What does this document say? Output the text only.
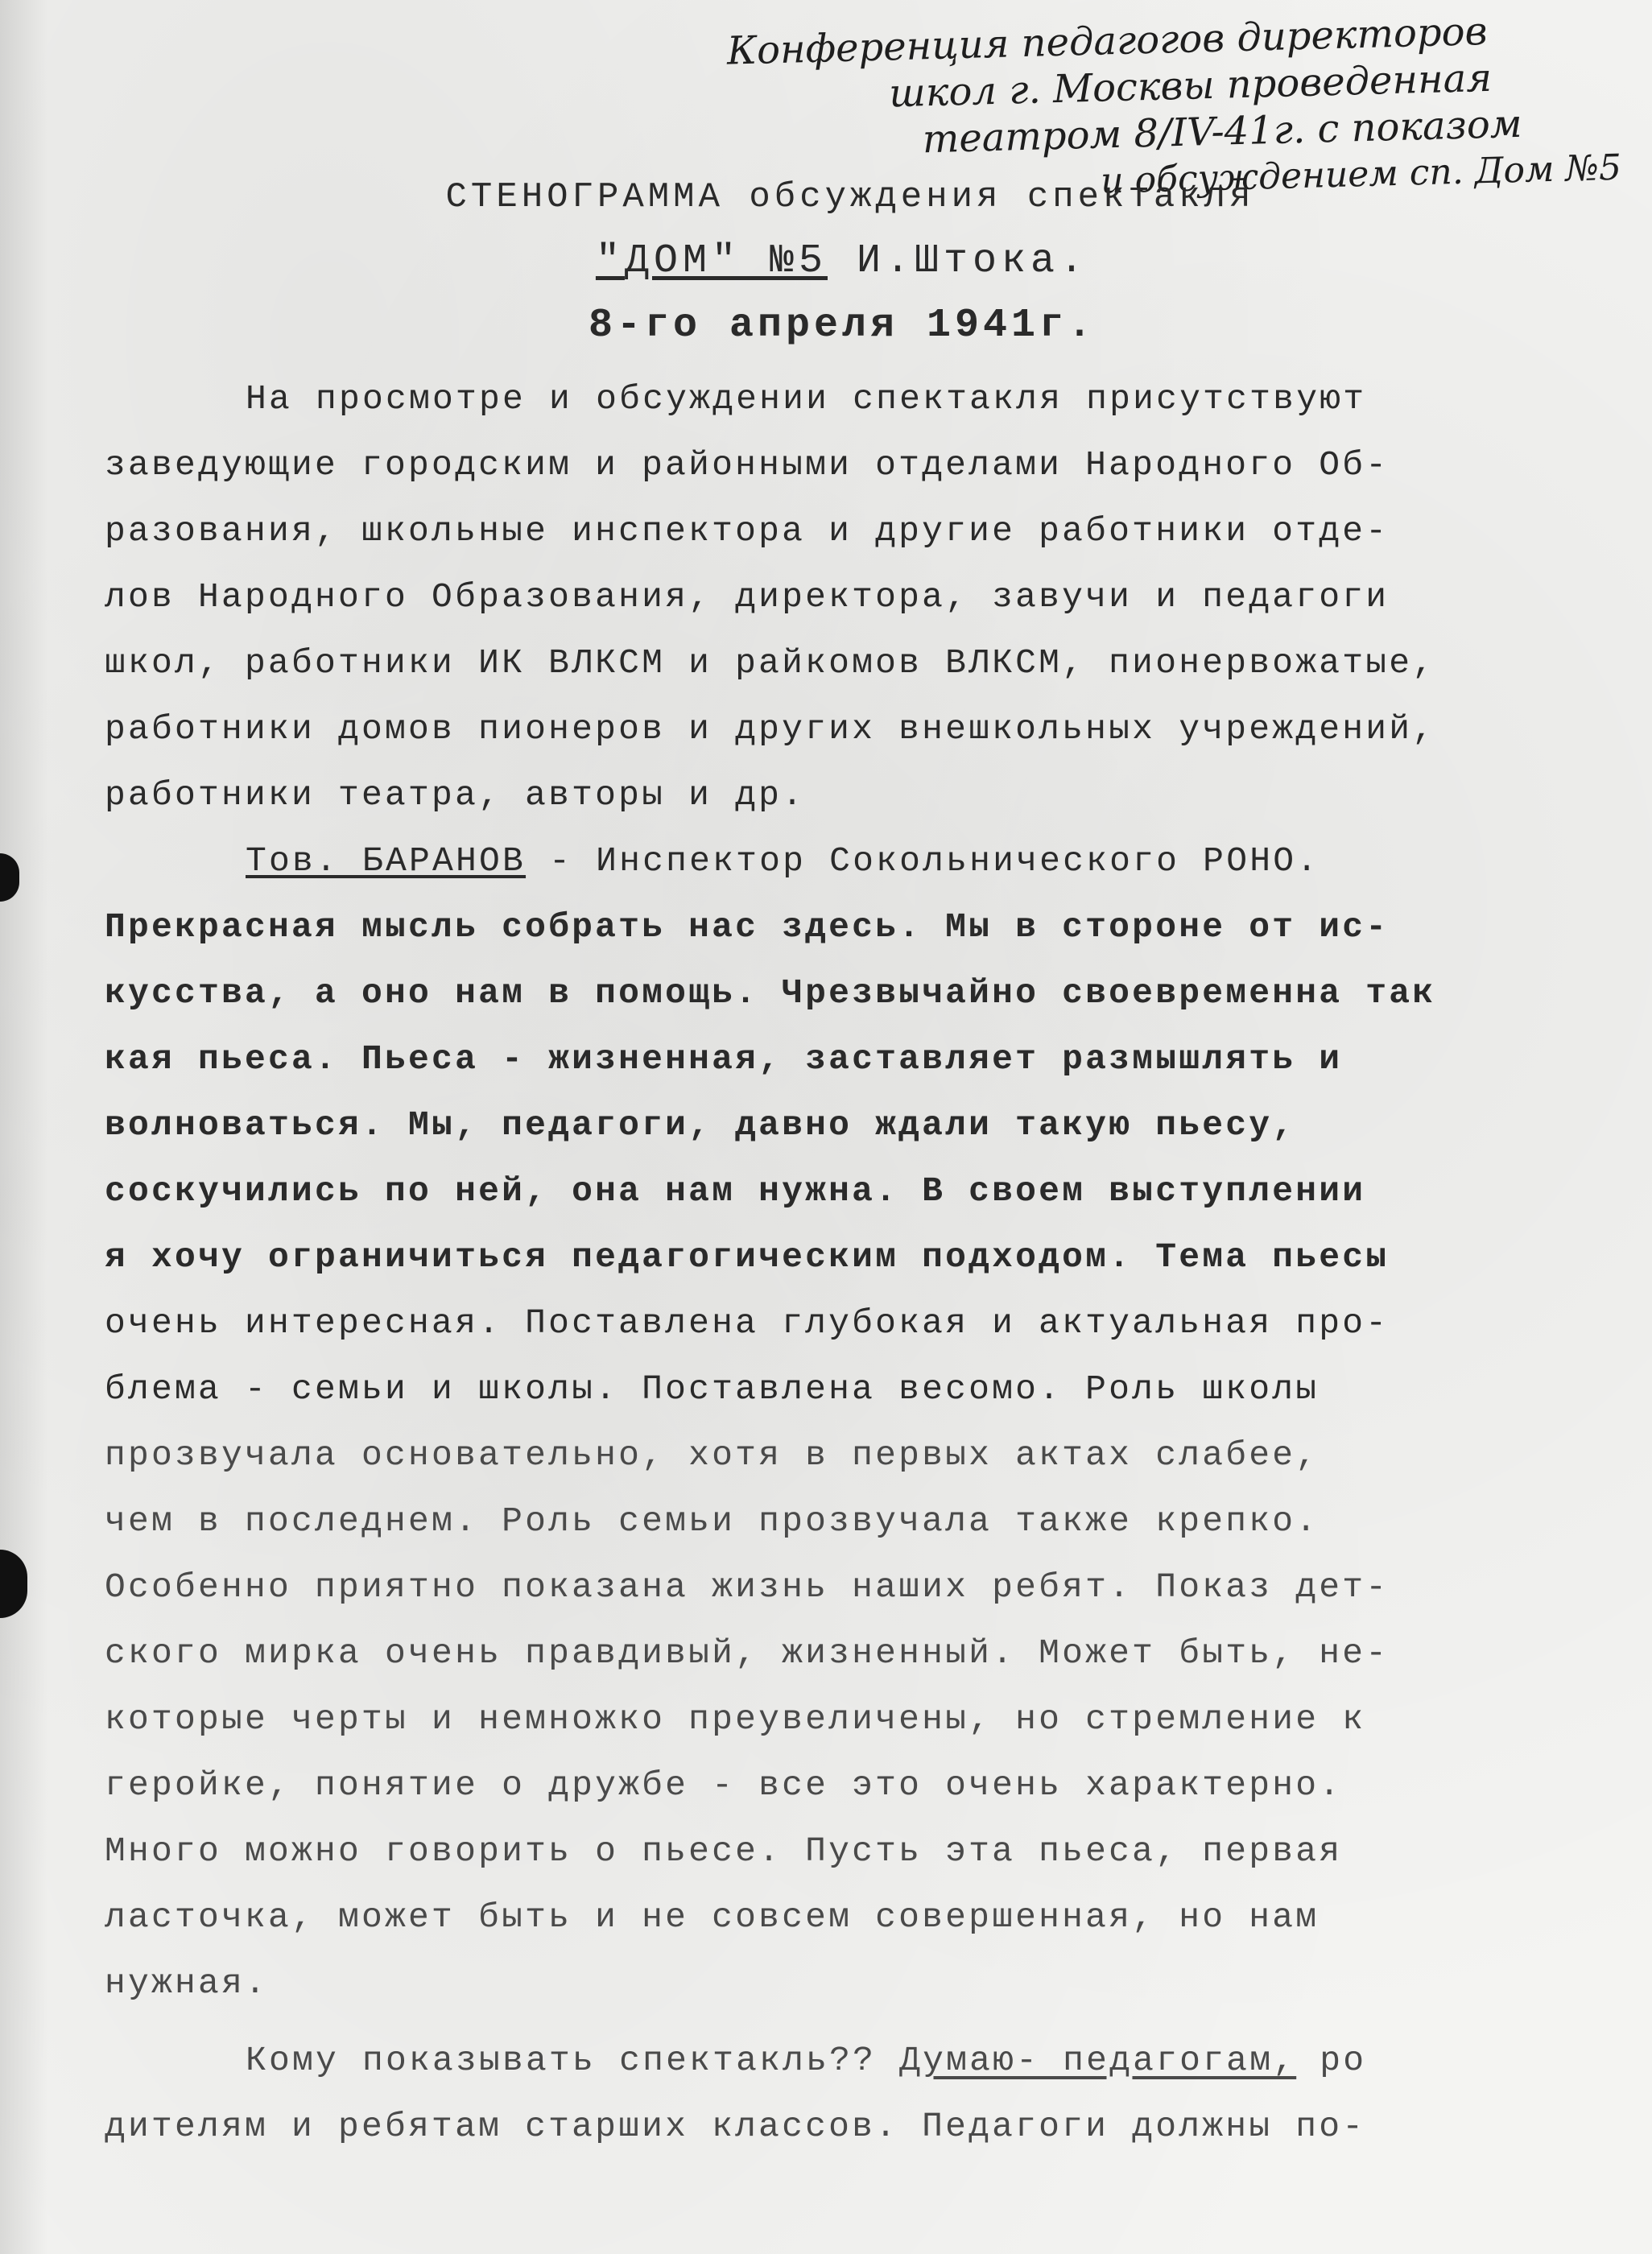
Конференция педагогов директоров
школ г. Москвы проведенная
театром 8/IV-41г. с показом
и обсуждением сп. Дом №5
СТЕНОГРАММА обсуждения спектакля
"ДОМ" №5 И.Штока.
8-го апреля 1941г.
На просмотре и обсуждении спектакля присутствуют
заведующие городским и районными отделами Народного Об-
разования, школьные инспектора и другие работники отде-
лов Народного Образования, директора, завучи и педагоги
школ, работники ИК ВЛКСМ и райкомов ВЛКСМ, пионервожатые,
работники домов пионеров и других внешкольных учреждений,
работники театра, авторы и др.
Тов. БАРАНОВ - Инспектор Сокольнического РОНО.
Прекрасная мысль собрать нас здесь. Мы в стороне от ис-
кусства, а оно нам в помощь. Чрезвычайно своевременна так
кая пьеса. Пьеса - жизненная, заставляет размышлять и
волноваться. Мы, педагоги, давно ждали такую пьесу,
соскучились по ней, она нам нужна. В своем выступлении
я хочу ограничиться педагогическим подходом. Тема пьесы
очень интересная. Поставлена глубокая и актуальная про-
блема - семьи и школы. Поставлена весомо. Роль школы
прозвучала основательно, хотя в первых актах слабее,
чем в последнем. Роль семьи прозвучала также крепко.
Особенно приятно показана жизнь наших ребят. Показ дет-
ского мирка очень правдивый, жизненный. Может быть, не-
которые черты и немножко преувеличены, но стремление к
геройке, понятие о дружбе - все это очень характерно.
Много можно говорить о пьесе. Пусть эта пьеса, первая
ласточка, может быть и не совсем совершенная, но нам
нужная.
Кому показывать спектакль?? Думаю- педагогам, ро
дителям и ребятам старших классов. Педагоги должны по-
